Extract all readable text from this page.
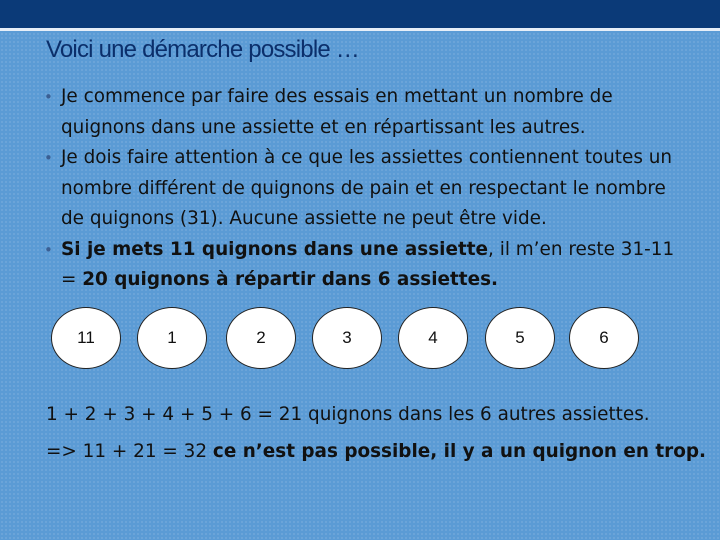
Voici une démarche possible …
• Je commence par faire des essais en mettant un nombre de quignons dans une assiette et en répartissant les autres.
• Je dois faire attention à ce que les assiettes contiennent toutes un nombre différent de quignons de pain et en respectant le nombre de quignons (31). Aucune assiette ne peut être vide.
• Si je mets 11 quignons dans une assiette, il m’en reste 31-11 = 20 quignons à répartir dans 6 assiettes.
11	1	2	3	4	5	6
1 + 2 + 3 + 4 + 5 + 6 = 21 quignons dans les 6 autres assiettes.
=> 11 + 21 = 32 ce n’est pas possible, il y a un quignon en trop.
